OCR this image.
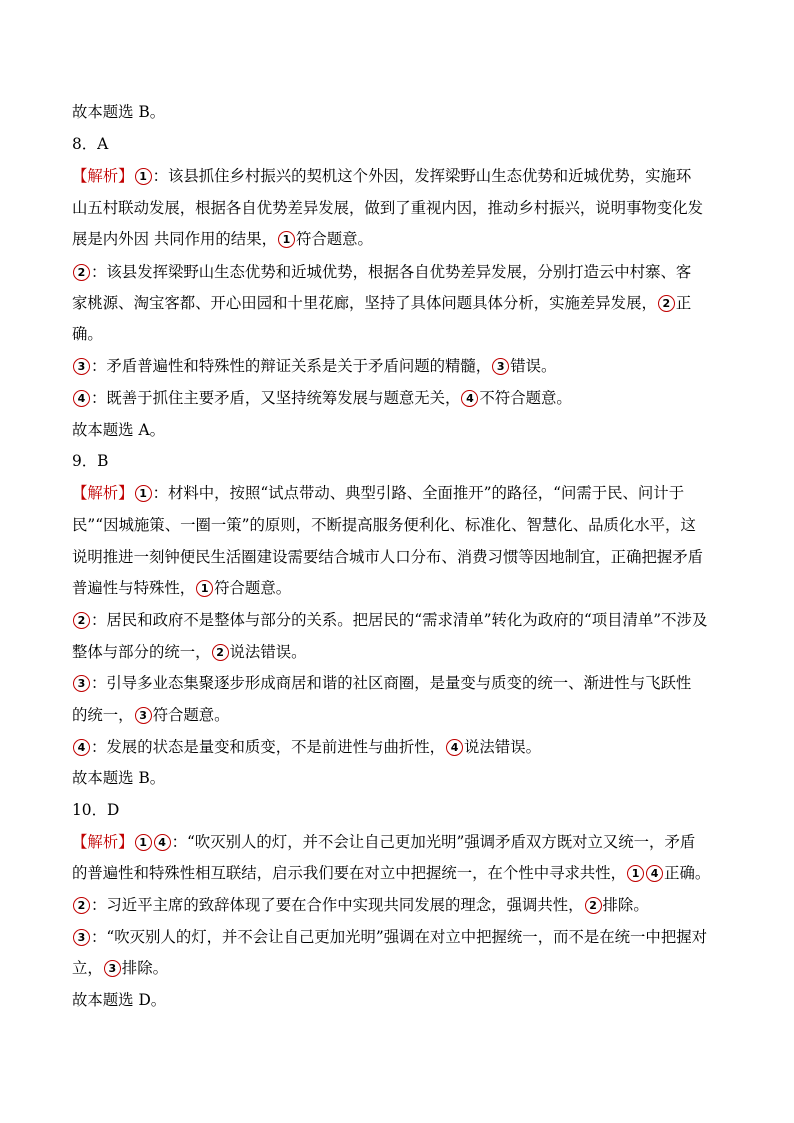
故本题选 B。
8．A
【解析】 1 ：该县抓住乡村振兴的契机这个外因，发挥梁野山生态优势和近城优势，实施环
山五村联动发展，根据各自优势差异发展，做到了重视内因，推动乡村振兴，说明事物变化发
展是内外因 共同作用的结果， 1 符合题意。
2 ：该县发挥梁野山生态优势和近城优势，根据各自优势差异发展，分别打造云中村寨、客
家桃源、淘宝客都、开心田园和十里花廊，坚持了具体问题具体分析，实施差异发展， 2 正
确。
3 ：矛盾普遍性和特殊性的辩证关系是关于矛盾问题的精髓， 3 错误。
4 ：既善于抓住主要矛盾，又坚持统筹发展与题意无关， 4 不符合题意。
故本题选 A。
9．B
【解析】 1 ：材料中，按照“试点带动、典型引路、全面推开”的路径，“问需于民、问计于
民”“因城施策、一圈一策”的原则，不断提高服务便利化、标准化、智慧化、品质化水平，这
说明推进一刻钟便民生活圈建设需要结合城市人口分布、消费习惯等因地制宜，正确把握矛盾
普遍性与特殊性， 1 符合题意。
2 ：居民和政府不是整体与部分的关系。把居民的“需求清单”转化为政府的“项目清单”不涉及
整体与部分的统一， 2 说法错误。
3 ：引导多业态集聚逐步形成商居和谐的社区商圈，是量变与质变的统一、渐进性与飞跃性
的统一， 3 符合题意。
4 ：发展的状态是量变和质变，不是前进性与曲折性， 4 说法错误。
故本题选 B。
10．D
【解析】 1 4 ：“吹灭别人的灯，并不会让自己更加光明”强调矛盾双方既对立又统一，矛盾
的普遍性和特殊性相互联结，启示我们要在对立中把握统一，在个性中寻求共性， 1 4 正确。
2 ：习近平主席的致辞体现了要在合作中实现共同发展的理念，强调共性， 2 排除。
3 ：“吹灭别人的灯，并不会让自己更加光明”强调在对立中把握统一，而不是在统一中把握对
立， 3 排除。
故本题选 D。
